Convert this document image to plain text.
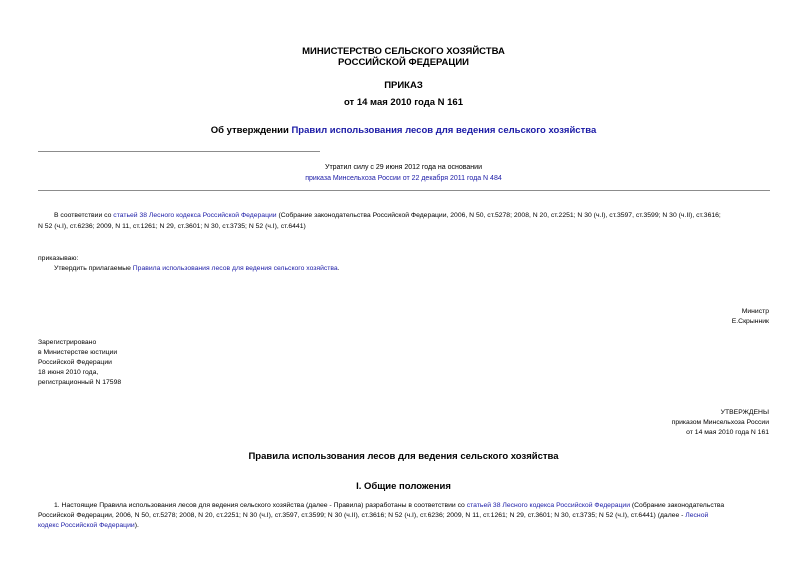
МИНИСТЕРСТВО СЕЛЬСКОГО ХОЗЯЙСТВА
РОССИЙСКОЙ ФЕДЕРАЦИИ
ПРИКАЗ
от 14 мая 2010 года N 161
Об утверждении Правил использования лесов для ведения сельского хозяйства
Утратил силу с 29 июня 2012 года на основании
приказа Минсельхоза России от 22 декабря 2011 года N 484
В соответствии со статьей 38 Лесного кодекса Российской Федерации (Собрание законодательства Российской Федерации, 2006, N 50, ст.5278; 2008, N 20, ст.2251; N 30 (ч.I), ст.3597, ст.3599; N 30 (ч.II), ст.3616;
N 52 (ч.I), ст.6236; 2009, N 11, ст.1261; N 29, ст.3601; N 30, ст.3735; N 52 (ч.I), ст.6441)
приказываю:
Утвердить прилагаемые Правила использования лесов для ведения сельского хозяйства.
Министр
Е.Скрынник
Зарегистрировано
в Министерстве юстиции
Российской Федерации
18 июня 2010 года,
регистрационный N 17598
УТВЕРЖДЕНЫ
приказом Минсельхоза России
от 14 мая 2010 года N 161
Правила использования лесов для ведения сельского хозяйства
I. Общие положения
1. Настоящие Правила использования лесов для ведения сельского хозяйства (далее - Правила) разработаны в соответствии со статьей 38 Лесного кодекса Российской Федерации (Собрание законодательства
Российской Федерации, 2006, N 50, ст.5278; 2008, N 20, ст.2251; N 30 (ч.I), ст.3597, ст.3599; N 30 (ч.II), ст.3616; N 52 (ч.I), ст.6236; 2009, N 11, ст.1261; N 29, ст.3601; N 30, ст.3735; N 52 (ч.I), ст.6441) (далее - Лесной
кодекс Российской Федерации).
